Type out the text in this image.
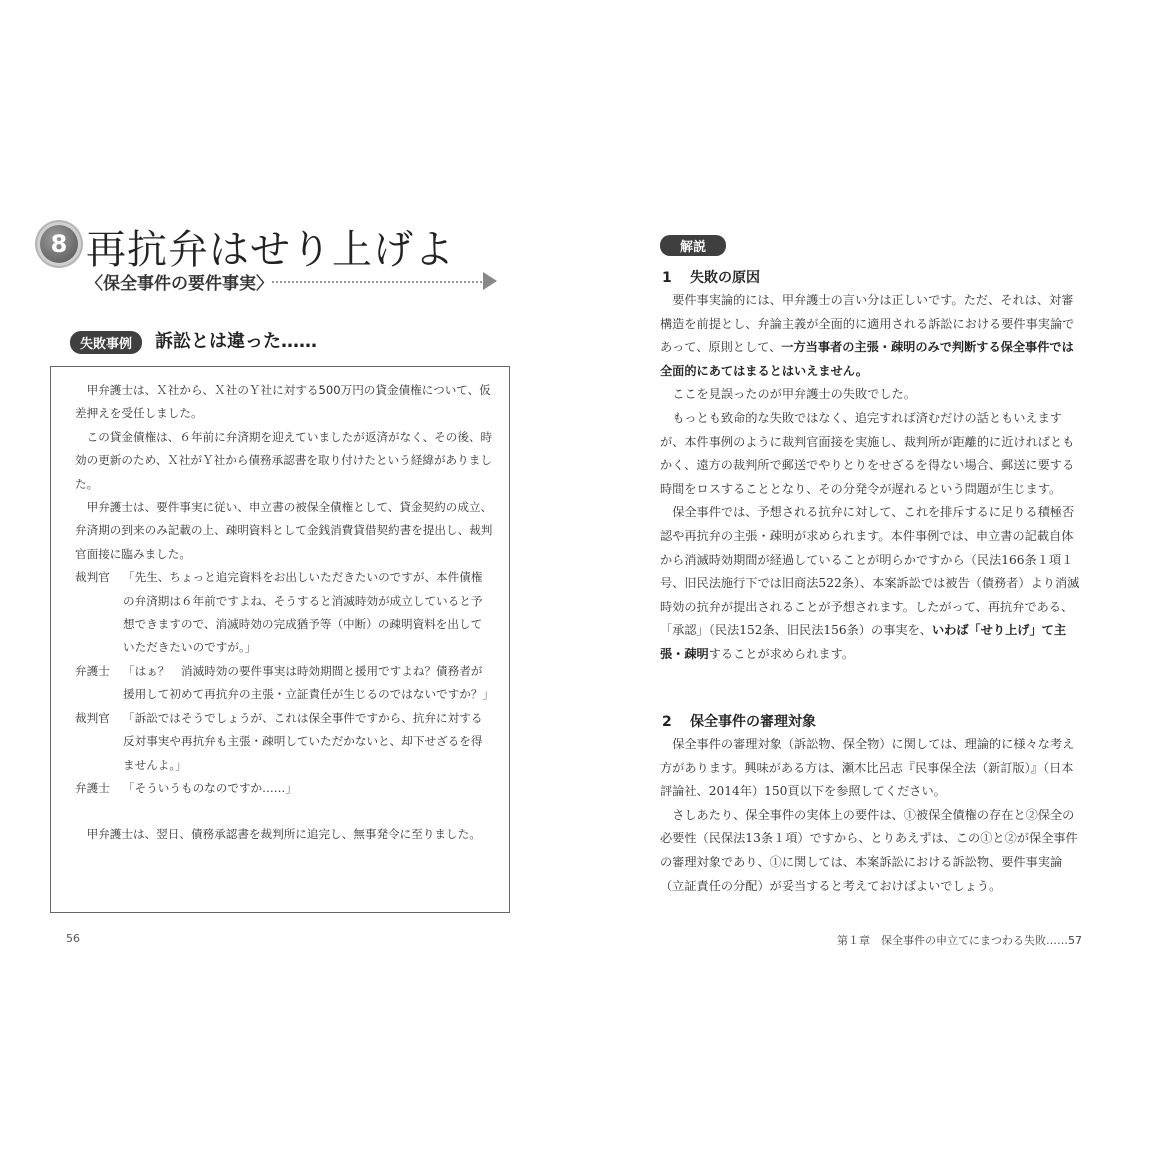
8 再抗弁はせり上げよ
〈保全事件の要件事実〉
失敗事例	訴訟とは違った……

甲弁護士は、Ｘ社から、Ｘ社のＹ社に対する500万円の貸金債権について、仮差押えを受任しました。

この貸金債権は、６年前に弁済期を迎えていましたが返済がなく、その後、時効の更新のため、Ｘ社がＹ社から債務承認書を取り付けたという経緯がありました。

甲弁護士は、要件事実に従い、申立書の被保全債権として、貸金契約の成立、弁済期の到来のみ記載の上、疎明資料として金銭消費貸借契約書を提出し、裁判官面接に臨みました。

裁判官	「先生、ちょっと追完資料をお出しいただきたいのですが、本件債権の弁済期は６年前ですよね、そうすると消滅時効が成立していると予想できますので、消滅時効の完成猶予等（中断）の疎明資料を出していただきたいのですが。」
弁護士	「はぁ？　消滅時効の要件事実は時効期間と援用ですよね？債務者が援用して初めて再抗弁の主張・立証責任が生じるのではないですか？」
裁判官	「訴訟ではそうでしょうが、これは保全事件ですから、抗弁に対する反対事実や再抗弁も主張・疎明していただかないと、却下せざるを得ませんよ。」
弁護士	「そういうものなのですか……」

甲弁護士は、翌日、債務承認書を裁判所に追完し、無事発令に至りました。

56
解説
1 失敗の原因

要件事実論的には、甲弁護士の言い分は正しいです。ただ、それは、対審構造を前提とし、弁論主義が全面的に適用される訴訟における要件事実論であって、原則として、一方当事者の主張・疎明のみで判断する保全事件では全面的にあてはまるとはいえません。

ここを見誤ったのが甲弁護士の失敗でした。

もっとも致命的な失敗ではなく、追完すれば済むだけの話ともいえますが、本件事例のように裁判官面接を実施し、裁判所が距離的に近ければともかく、遠方の裁判所で郵送でやりとりをせざるを得ない場合、郵送に要する時間をロスすることとなり、その分発令が遅れるという問題が生じます。

保全事件では、予想される抗弁に対して、これを排斥するに足りる積極否認や再抗弁の主張・疎明が求められます。本件事例では、申立書の記載自体から消滅時効期間が経過していることが明らかですから（民法166条１項１号、旧民法施行下では旧商法522条）、本案訴訟では被告（債務者）より消滅時効の抗弁が提出されることが予想されます。したがって、再抗弁である、「承認」（民法152条、旧民法156条）の事実を、いわば「せり上げ」て主張・疎明することが求められます。

2 保全事件の審理対象

保全事件の審理対象（訴訟物、保全物）に関しては、理論的に様々な考え方があります。興味がある方は、瀬木比呂志『民事保全法（新訂版）』（日本評論社、2014年）150頁以下を参照してください。

さしあたり、保全事件の実体上の要件は、①被保全債権の存在と②保全の必要性（民保法13条１項）ですから、とりあえずは、この①と②が保全事件の審理対象であり、①に関しては、本案訴訟における訴訟物、要件事実論（立証責任の分配）が妥当すると考えておけばよいでしょう。

第１章　保全事件の申立てにまつわる失敗……57
